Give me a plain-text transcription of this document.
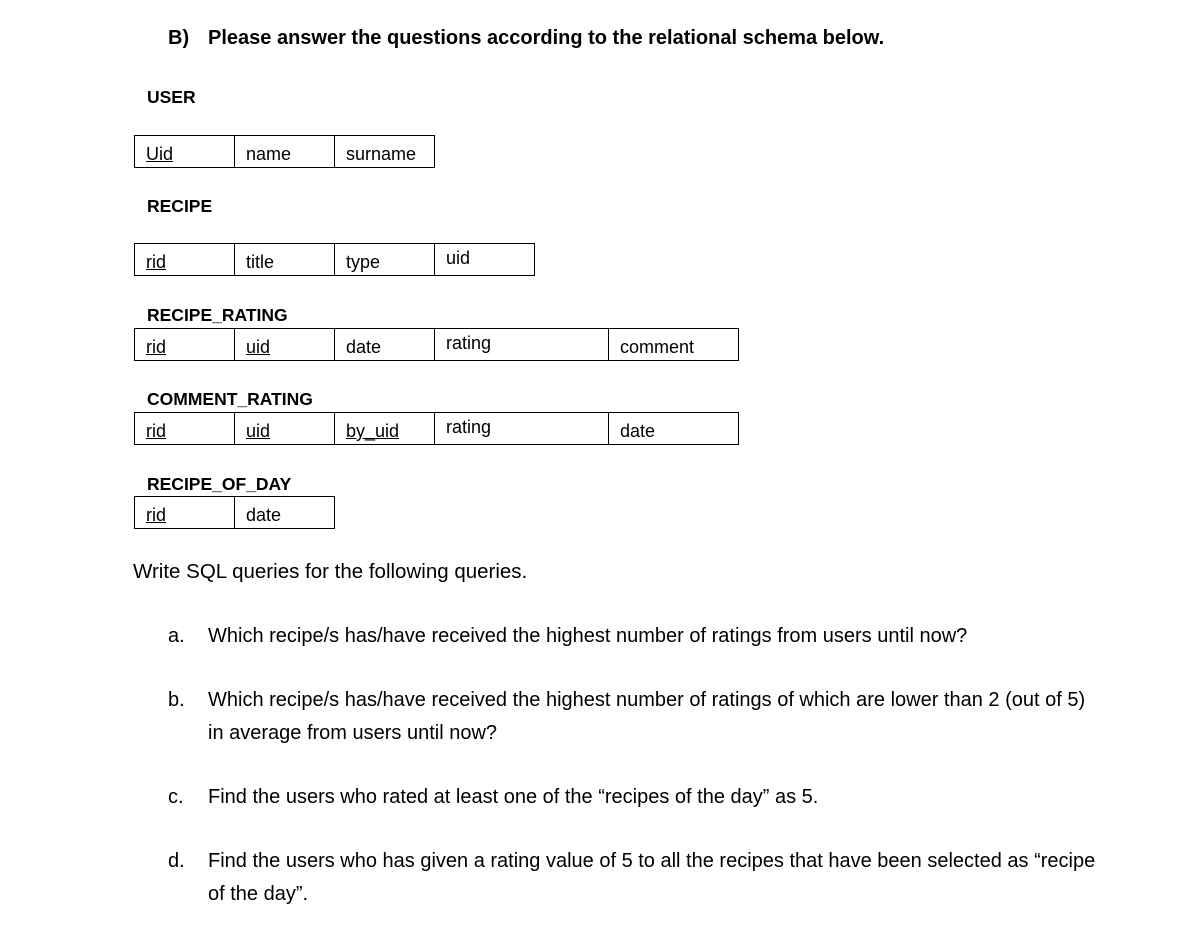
B) Please answer the questions according to the relational schema below.
USER
Uid	name	surname
RECIPE
rid	title	type	uid
RECIPE_RATING
rid	uid	date	rating	comment
COMMENT_RATING
rid	uid	by_uid	rating	date
RECIPE_OF_DAY
rid	date
Write SQL queries for the following queries.
a. Which recipe/s has/have received the highest number of ratings from users until now?
b. Which recipe/s has/have received the highest number of ratings of which are lower than 2 (out of 5) in average from users until now?
c. Find the users who rated at least one of the “recipes of the day” as 5.
d. Find the users who has given a rating value of 5 to all the recipes that have been selected as “recipe of the day”.
